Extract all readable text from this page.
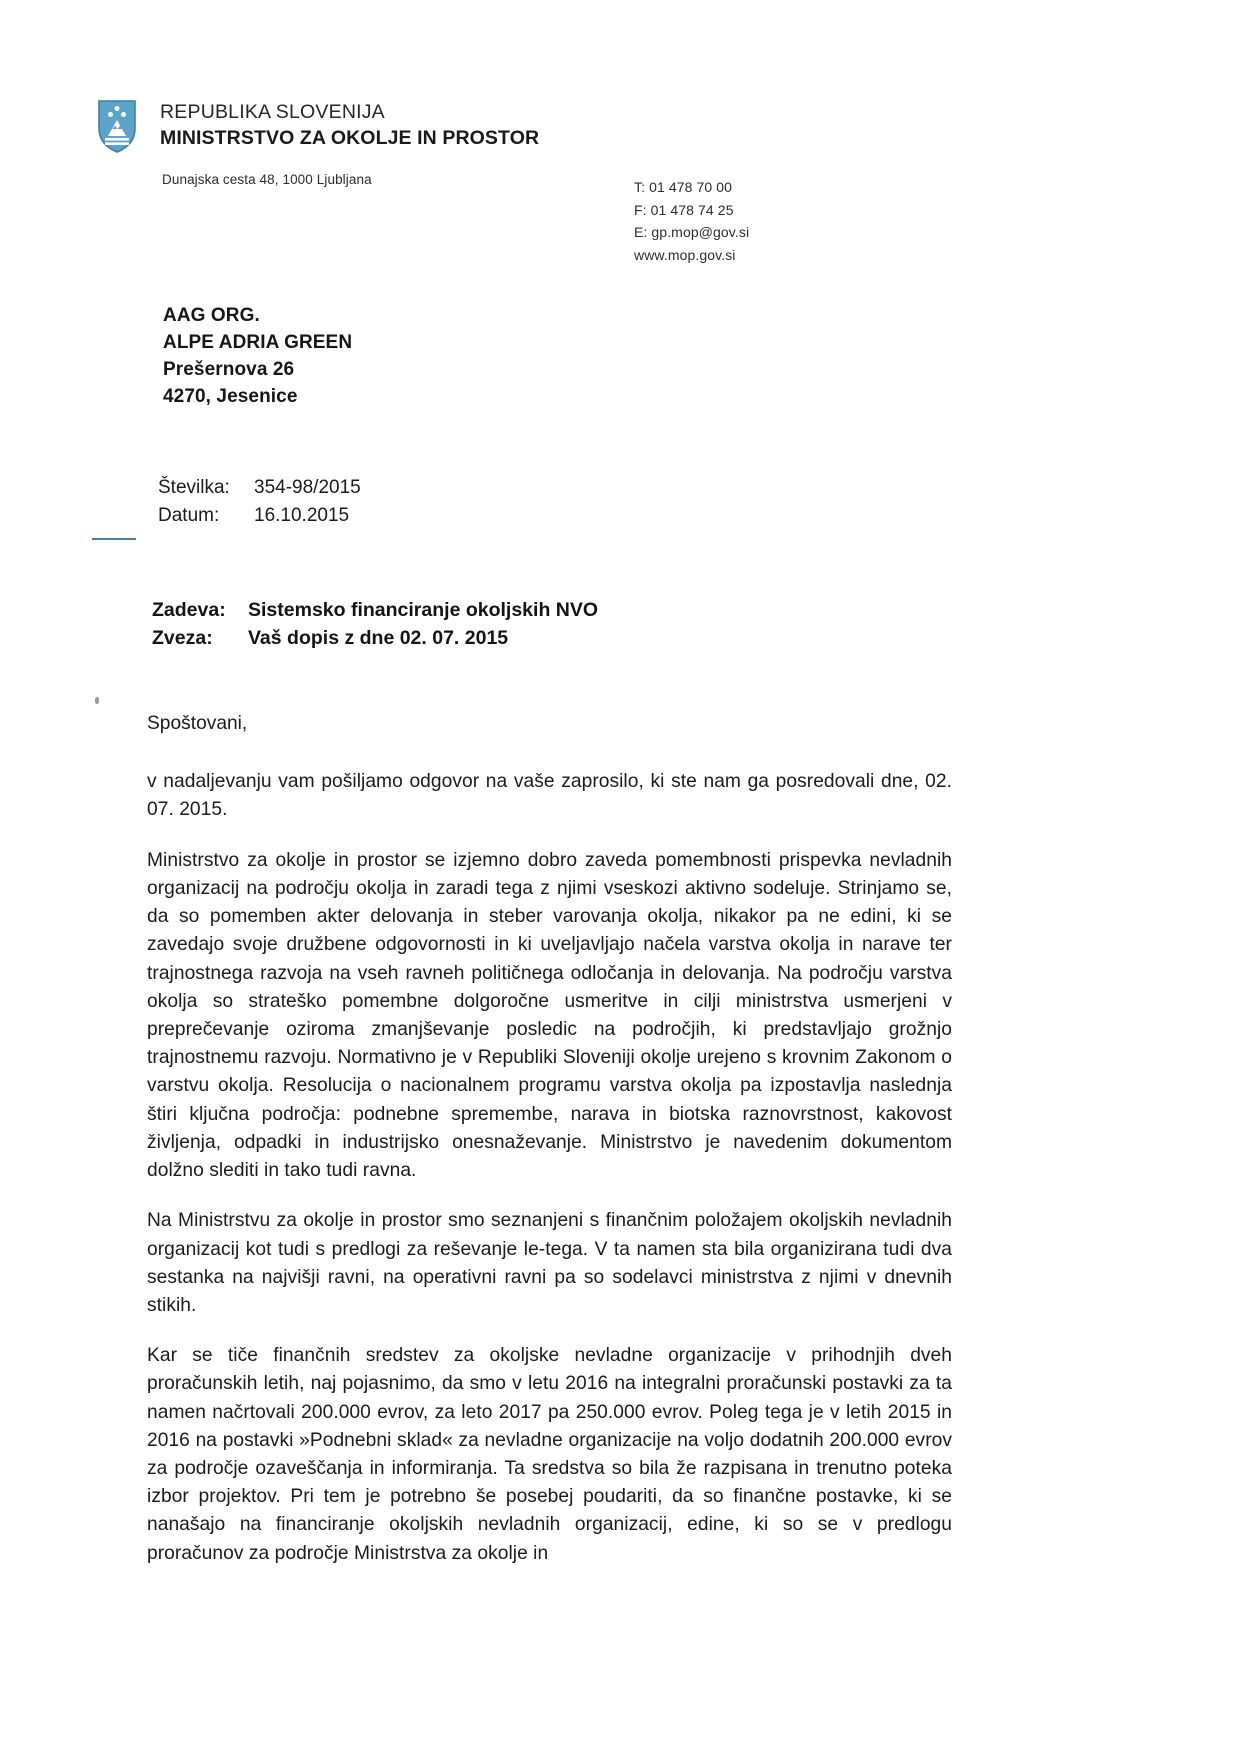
REPUBLIKA SLOVENIJA
MINISTRSTVO ZA OKOLJE IN PROSTOR
Dunajska cesta 48, 1000 Ljubljana	T: 01 478 70 00
F: 01 478 74 25
E: gp.mop@gov.si
www.mop.gov.si
AAG ORG.
ALPE ADRIA GREEN
Prešernova 26
4270, Jesenice
Številka:	354-98/2015
Datum:	16.10.2015
Zadeva:	Sistemsko financiranje okoljskih NVO
Zveza:	Vaš dopis z dne 02. 07. 2015

Spoštovani,

v nadaljevanju vam pošiljamo odgovor na vaše zaprosilo, ki ste nam ga posredovali dne, 02. 07. 2015.

Ministrstvo za okolje in prostor se izjemno dobro zaveda pomembnosti prispevka nevladnih organizacij na področju okolja in zaradi tega z njimi vseskozi aktivno sodeluje. Strinjamo se, da so pomemben akter delovanja in steber varovanja okolja, nikakor pa ne edini, ki se zavedajo svoje družbene odgovornosti in ki uveljavljajo načela varstva okolja in narave ter trajnostnega razvoja na vseh ravneh političnega odločanja in delovanja. Na področju varstva okolja so strateško pomembne dolgoročne usmeritve in cilji ministrstva usmerjeni v preprečevanje oziroma zmanjševanje posledic na področjih, ki predstavljajo grožnjo trajnostnemu razvoju. Normativno je v Republiki Sloveniji okolje urejeno s krovnim Zakonom o varstvu okolja. Resolucija o nacionalnem programu varstva okolja pa izpostavlja naslednja štiri ključna področja: podnebne spremembe, narava in biotska raznovrstnost, kakovost življenja, odpadki in industrijsko onesnaževanje. Ministrstvo je navedenim dokumentom dolžno slediti in tako tudi ravna.

Na Ministrstvu za okolje in prostor smo seznanjeni s finančnim položajem okoljskih nevladnih organizacij kot tudi s predlogi za reševanje le-tega. V ta namen sta bila organizirana tudi dva sestanka na najvišji ravni, na operativni ravni pa so sodelavci ministrstva z njimi v dnevnih stikih.

Kar se tiče finančnih sredstev za okoljske nevladne organizacije v prihodnjih dveh proračunskih letih, naj pojasnimo, da smo v letu 2016 na integralni proračunski postavki za ta namen načrtovali 200.000 evrov, za leto 2017 pa 250.000 evrov. Poleg tega je v letih 2015 in 2016 na postavki »Podnebni sklad« za nevladne organizacije na voljo dodatnih 200.000 evrov za področje ozaveščanja in informiranja. Ta sredstva so bila že razpisana in trenutno poteka izbor projektov. Pri tem je potrebno še posebej poudariti, da so finančne postavke, ki se nanašajo na financiranje okoljskih nevladnih organizacij, edine, ki so se v predlogu proračunov za področje Ministrstva za okolje in
